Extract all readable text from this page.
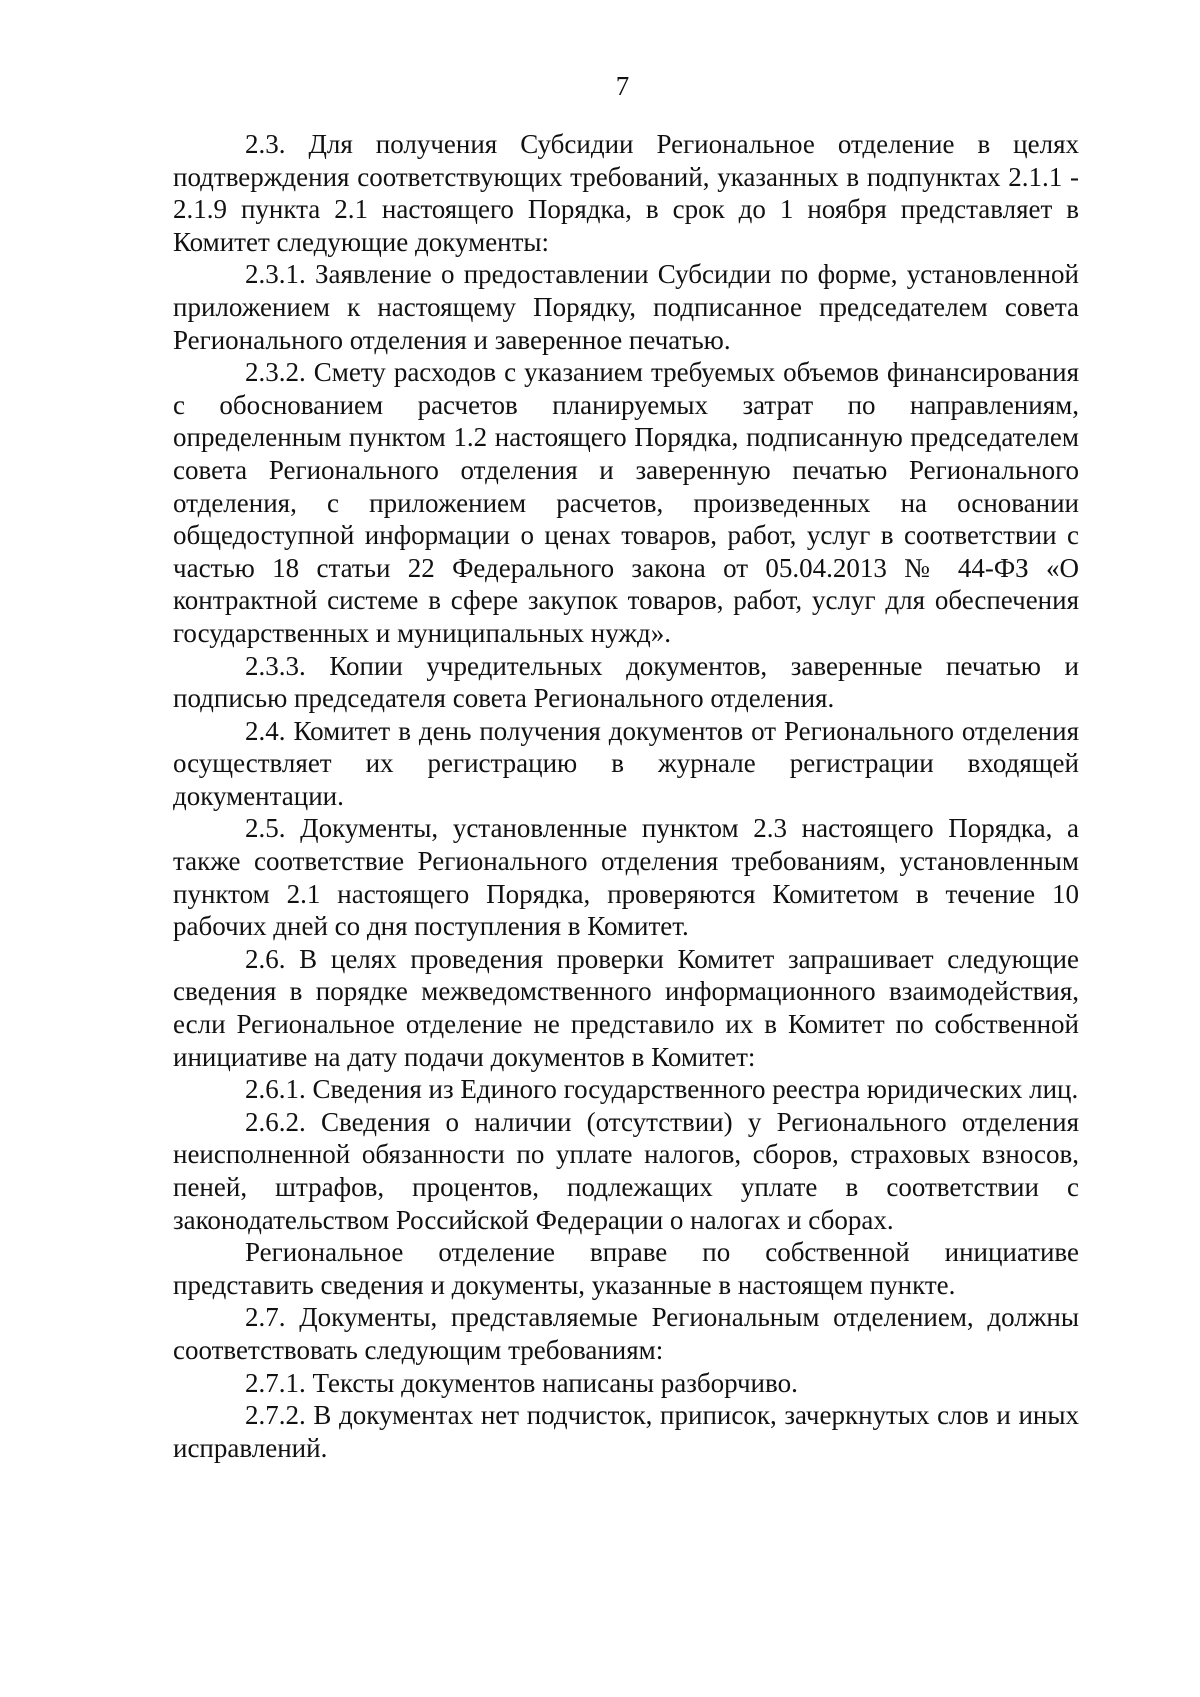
7

2.3. Для получения Субсидии Региональное отделение в целях подтверждения соответствующих требований, указанных в подпунктах 2.1.1 - 2.1.9 пункта 2.1 настоящего Порядка, в срок до 1 ноября представляет в Комитет следующие документы:

2.3.1. Заявление о предоставлении Субсидии по форме, установленной приложением к настоящему Порядку, подписанное председателем совета Регионального отделения и заверенное печатью.

2.3.2. Смету расходов с указанием требуемых объемов финансирования с обоснованием расчетов планируемых затрат по направлениям, определенным пунктом 1.2 настоящего Порядка, подписанную председателем совета Регионального отделения и заверенную печатью Регионального отделения, с приложением расчетов, произведенных на основании общедоступной информации о ценах товаров, работ, услуг в соответствии с частью 18 статьи 22 Федерального закона от 05.04.2013 № 44-ФЗ «О контрактной системе в сфере закупок товаров, работ, услуг для обеспечения государственных и муниципальных нужд».

2.3.3. Копии учредительных документов, заверенные печатью и подписью председателя совета Регионального отделения.

2.4. Комитет в день получения документов от Регионального отделения осуществляет их регистрацию в журнале регистрации входящей документации.

2.5. Документы, установленные пунктом 2.3 настоящего Порядка, а также соответствие Регионального отделения требованиям, установленным пунктом 2.1 настоящего Порядка, проверяются Комитетом в течение 10 рабочих дней со дня поступления в Комитет.

2.6. В целях проведения проверки Комитет запрашивает следующие сведения в порядке межведомственного информационного взаимодействия, если Региональное отделение не представило их в Комитет по собственной инициативе на дату подачи документов в Комитет:

2.6.1. Сведения из Единого государственного реестра юридических лиц.

2.6.2. Сведения о наличии (отсутствии) у Регионального отделения неисполненной обязанности по уплате налогов, сборов, страховых взносов, пеней, штрафов, процентов, подлежащих уплате в соответствии с законодательством Российской Федерации о налогах и сборах.

Региональное отделение вправе по собственной инициативе представить сведения и документы, указанные в настоящем пункте.

2.7. Документы, представляемые Региональным отделением, должны соответствовать следующим требованиям:

2.7.1. Тексты документов написаны разборчиво.

2.7.2. В документах нет подчисток, приписок, зачеркнутых слов и иных исправлений.
